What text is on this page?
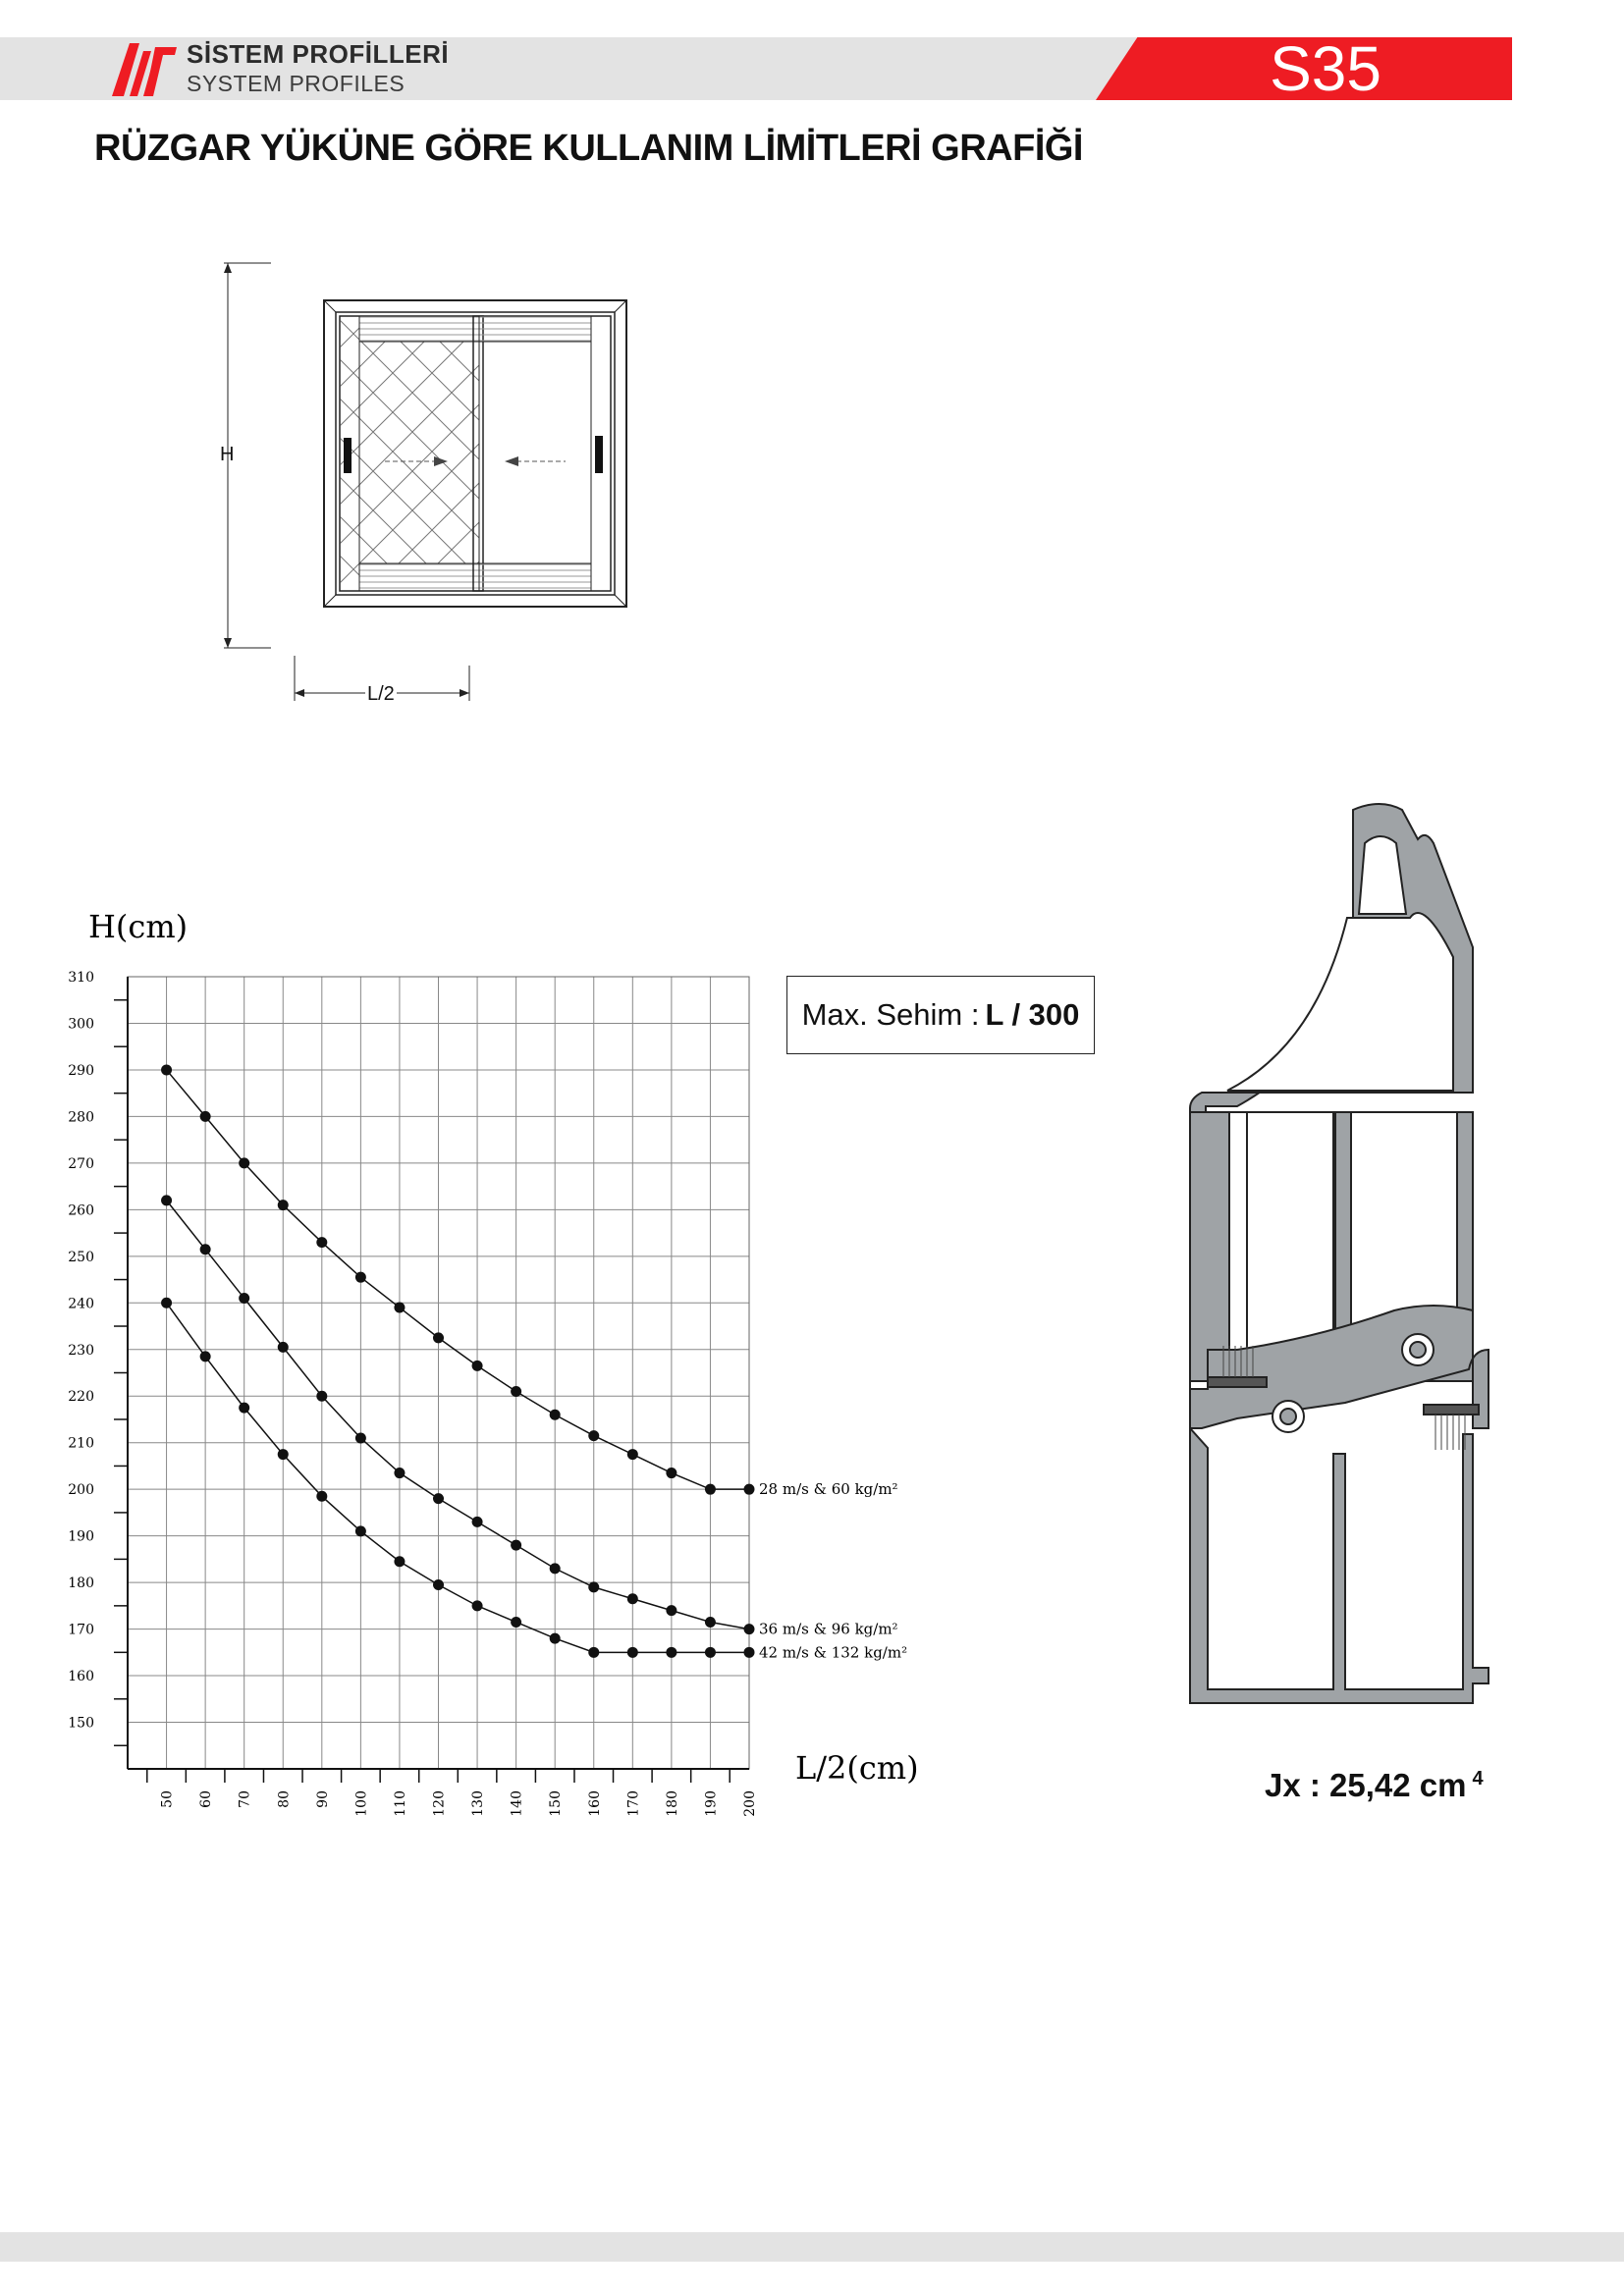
S35
SİSTEM PROFİLLERİ
SYSTEM PROFILES
RÜZGAR YÜKÜNE GÖRE KULLANIM LİMİTLERİ GRAFİĞİ
H
L/2
150
160
170
180
190
200
210
220
230
240
250
260
270
280
290
300
310
50 60 70 80 90 100 110 120 130 140 150 160 170 180 190 200
28 m/s & 60 kg/m²
36 m/s & 96 kg/m²
42 m/s & 132 kg/m²
H(cm)
L/2(cm)
Max. Sehim : L / 300
Jx : 25,42 cm $^4$
